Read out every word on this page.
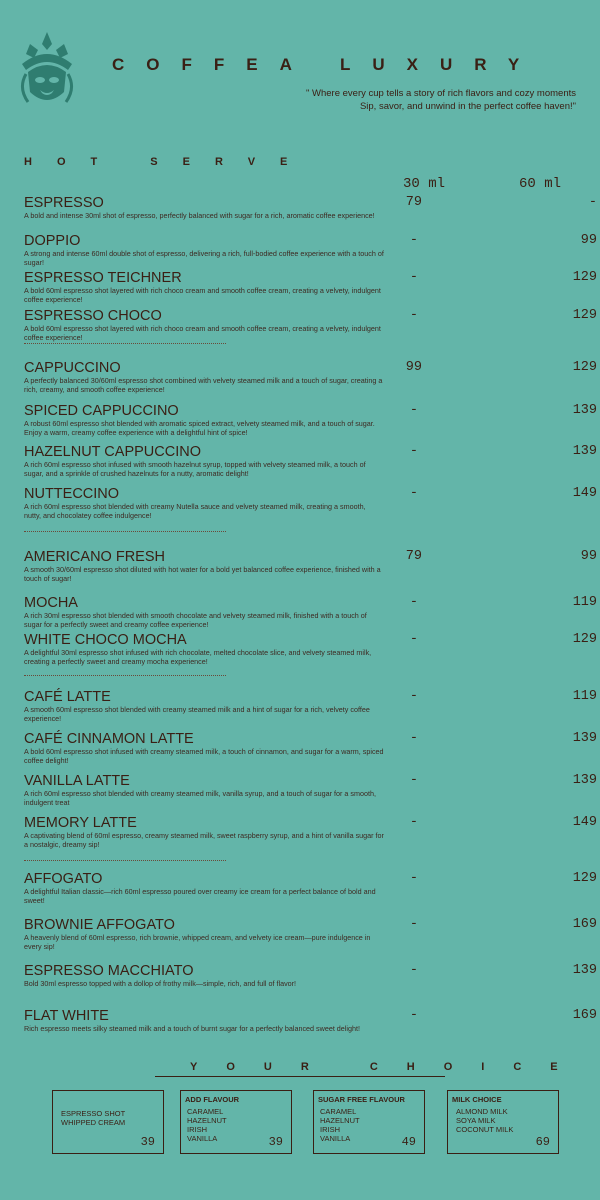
COFFEA LUXURY
" Where every cup tells a story of rich flavors and cozy moments
Sip, savor, and unwind in the perfect coffee haven!"
HOT SERVE
30 ml	60 ml
ESPRESSO
A bold and intense 30ml shot of espresso, perfectly balanced with sugar for a rich, aromatic coffee experience!
79	-
DOPPIO
A strong and intense 60ml double shot of espresso, delivering a rich, full-bodied coffee experience with a touch of sugar!
-	99
ESPRESSO TEICHNER
A bold 60ml espresso shot layered with rich choco cream and smooth coffee cream, creating a velvety, indulgent coffee experience!
-	129
ESPRESSO CHOCO
A bold 60ml espresso shot layered with rich choco cream and smooth coffee cream, creating a velvety, indulgent coffee experience!
-	129
CAPPUCCINO
A perfectly balanced 30/60ml espresso shot combined with velvety steamed milk and a touch of sugar, creating a rich, creamy, and smooth coffee experience!
99	129
SPICED CAPPUCCINO
A robust 60ml espresso shot blended with aromatic spiced extract, velvety steamed milk, and a touch of sugar. Enjoy a warm, creamy coffee experience with a delightful hint of spice!
-	139
HAZELNUT CAPPUCCINO
A rich 60ml espresso shot infused with smooth hazelnut syrup, topped with velvety steamed milk, a touch of sugar, and a sprinkle of crushed hazelnuts for a nutty, aromatic delight!
-	139
NUTTECCINO
A rich 60ml espresso shot blended with creamy Nutella sauce and velvety steamed milk, creating a smooth, nutty, and chocolatey coffee indulgence!
-	149
AMERICANO FRESH
A smooth 30/60ml espresso shot diluted with hot water for a bold yet balanced coffee experience, finished with a touch of sugar!
79	99
MOCHA
A rich 30ml espresso shot blended with smooth chocolate and velvety steamed milk, finished with a touch of sugar for a perfectly sweet and creamy coffee experience!
-	119
WHITE CHOCO MOCHA
A delightful 30ml espresso shot infused with rich chocolate, melted chocolate slice, and velvety steamed milk, creating a perfectly sweet and creamy mocha experience!
-	129
CAFÉ LATTE
A smooth 60ml espresso shot blended with creamy steamed milk and a hint of sugar for a rich, velvety coffee experience!
-	119
CAFÉ CINNAMON LATTE
A bold 60ml espresso shot infused with creamy steamed milk, a touch of cinnamon, and sugar for a warm, spiced coffee delight!
-	139
VANILLA LATTE
A rich 60ml espresso shot blended with creamy steamed milk, vanilla syrup, and a touch of sugar for a smooth, indulgent treat
-	139
MEMORY LATTE
A captivating blend of 60ml espresso, creamy steamed milk, sweet raspberry syrup, and a hint of vanilla sugar for a nostalgic, dreamy sip!
-	149
AFFOGATO
A delightful Italian classic—rich 60ml espresso poured over creamy ice cream for a perfect balance of bold and sweet!
-	129
BROWNIE AFFOGATO
A heavenly blend of 60ml espresso, rich brownie, whipped cream, and velvety ice cream—pure indulgence in every sip!
-	169
ESPRESSO MACCHIATO
Bold 30ml espresso topped with a dollop of frothy milk—simple, rich, and full of flavor!
-	139
FLAT WHITE
Rich espresso meets silky steamed milk and a touch of burnt sugar for a perfectly balanced sweet delight!
-	169
YOUR CHOICE
ESPRESSO SHOT
WHIPPED CREAM
39
ADD FLAVOUR
CARAMEL
HAZELNUT
IRISH
VANILLA	39
SUGAR FREE FLAVOUR
CARAMEL
HAZELNUT
IRISH
VANILLA	49
MILK CHOICE
ALMOND MILK
SOYA MILK
COCONUT MILK
69
